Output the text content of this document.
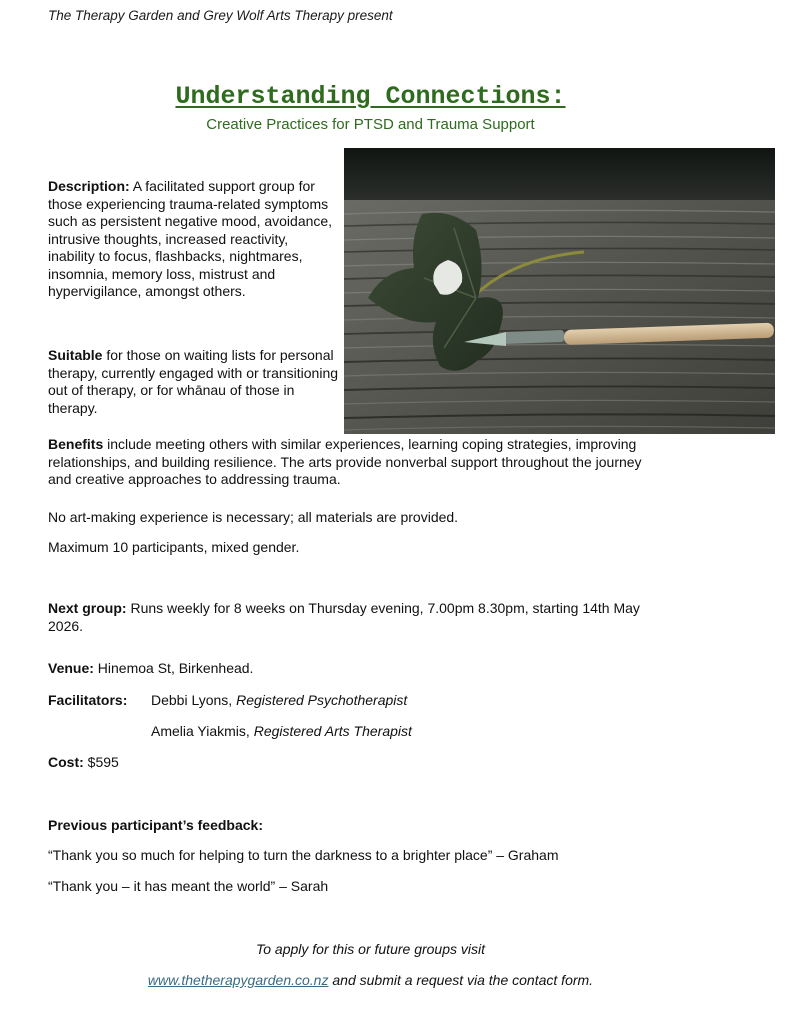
The Therapy Garden and Grey Wolf Arts Therapy present
Understanding Connections:
Creative Practices for PTSD and Trauma Support
Description: A facilitated support group for those experiencing trauma-related symptoms such as persistent negative mood, avoidance, intrusive thoughts, increased reactivity, inability to focus, flashbacks, nightmares, insomnia, memory loss, mistrust and hypervigilance, amongst others.
Suitable for those on waiting lists for personal therapy, currently engaged with or transitioning out of therapy, or for whānau of those in therapy.
Benefits include meeting others with similar experiences, learning coping strategies, improving relationships, and building resilience. The arts provide nonverbal support throughout the journey and creative approaches to addressing trauma.
No art-making experience is necessary; all materials are provided.
Maximum 10 participants, mixed gender.
Next group: Runs weekly for 8 weeks on Thursday evening, 7.00pm 8.30pm, starting 14th May 2026.
Venue: Hinemoa St, Birkenhead.
Facilitators: Debbi Lyons, Registered Psychotherapist
Amelia Yiakmis, Registered Arts Therapist
Cost: $595
Previous participant’s feedback:
“Thank you so much for helping to turn the darkness to a brighter place” – Graham
“Thank you – it has meant the world” – Sarah
To apply for this or future groups visit
www.thetherapygarden.co.nz and submit a request via the contact form.
